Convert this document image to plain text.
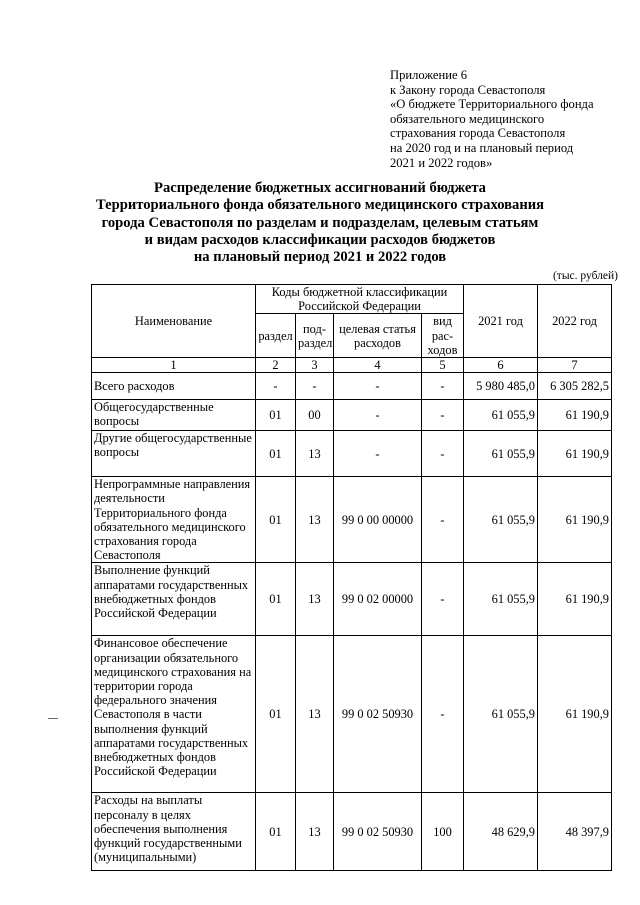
Приложение 6
к Закону города Севастополя
«О бюджете Территориального фонда
обязательного медицинского
страхования города Севастополя
на 2020 год и на плановый период
2021 и 2022 годов»
Распределение бюджетных ассигнований бюджета
Территориального фонда обязательного медицинского страхования
города Севастополя по разделам и подразделам, целевым статьям
и видам расходов классификации расходов бюджетов
на плановый период 2021 и 2022 годов
(тыс. рублей)
Наименование	Коды бюджетной классификации Российской Федерации				2021 год	2022 год
	раздел	под-раздел	целевая статья расходов	вид рас-ходов		
1	2	3	4	5	6	7
Всего расходов	-	-	-	-	5 980 485,0	6 305 282,5
Общегосударственные вопросы	01	00	-	-	61 055,9	61 190,9
Другие общегосударственные вопросы	01	13	-	-	61 055,9	61 190,9
Непрограммные направления деятельности Территориального фонда обязательного медицинского страхования города Севастополя	01	13	99 0 00 00000	-	61 055,9	61 190,9
Выполнение функций аппаратами государственных внебюджетных фондов Российской Федерации	01	13	99 0 02 00000	-	61 055,9	61 190,9
Финансовое обеспечение организации обязательного медицинского страхования на территории города федерального значения Севастополя в части выполнения функций аппаратами государственных внебюджетных фондов Российской Федерации	01	13	99 0 02 50930	-	61 055,9	61 190,9
Расходы на выплаты персоналу в целях обеспечения выполнения функций государственными (муниципальными)	01	13	99 0 02 50930	100	48 629,9	48 397,9
